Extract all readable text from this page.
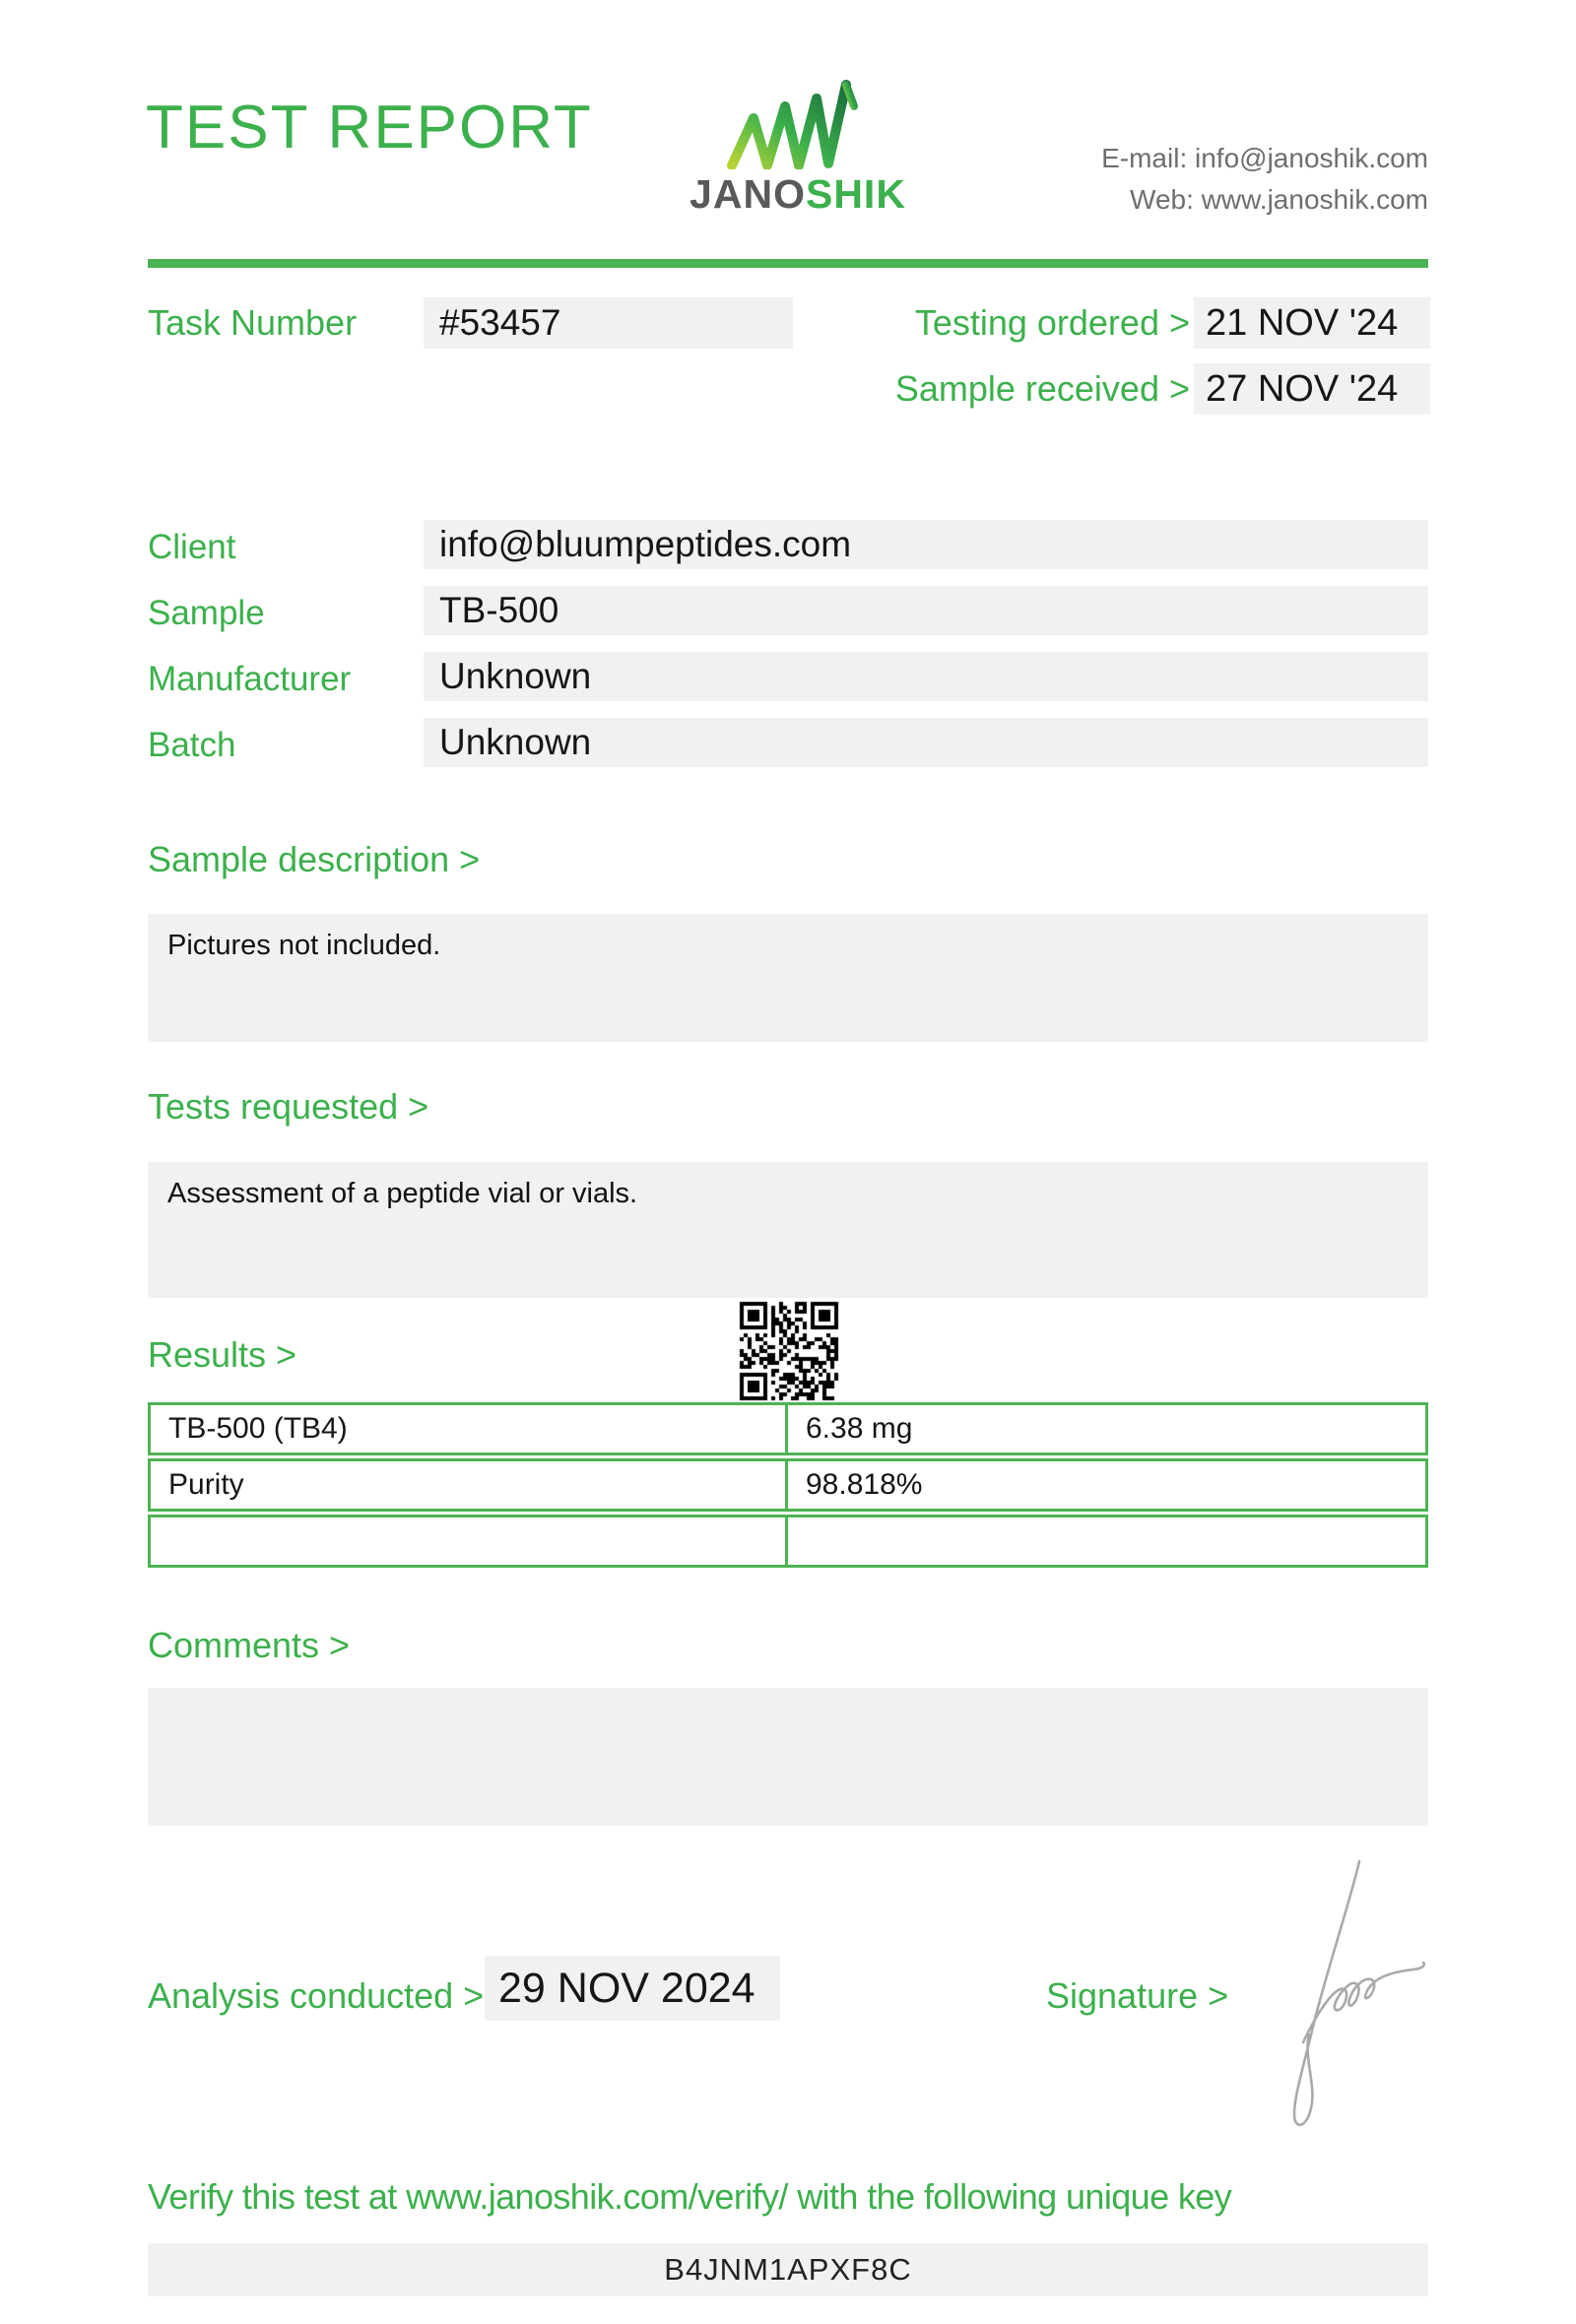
TEST REPORT
JANOSHIK
E-mail: info@janoshik.com
Web: www.janoshik.com
Task Number	#53457	Testing ordered > 21 NOV '24
Sample received > 27 NOV '24
Client	info@bluumpeptides.com
Sample	TB-500
Manufacturer	Unknown
Batch	Unknown
Sample description >
Pictures not included.
Tests requested >
Assessment of a peptide vial or vials.
Results >
TB-500 (TB4)	6.38 mg
Purity	98.818%
Comments >
Analysis conducted > 29 NOV 2024	Signature >
Verify this test at www.janoshik.com/verify/ with the following unique key
B4JNM1APXF8C
